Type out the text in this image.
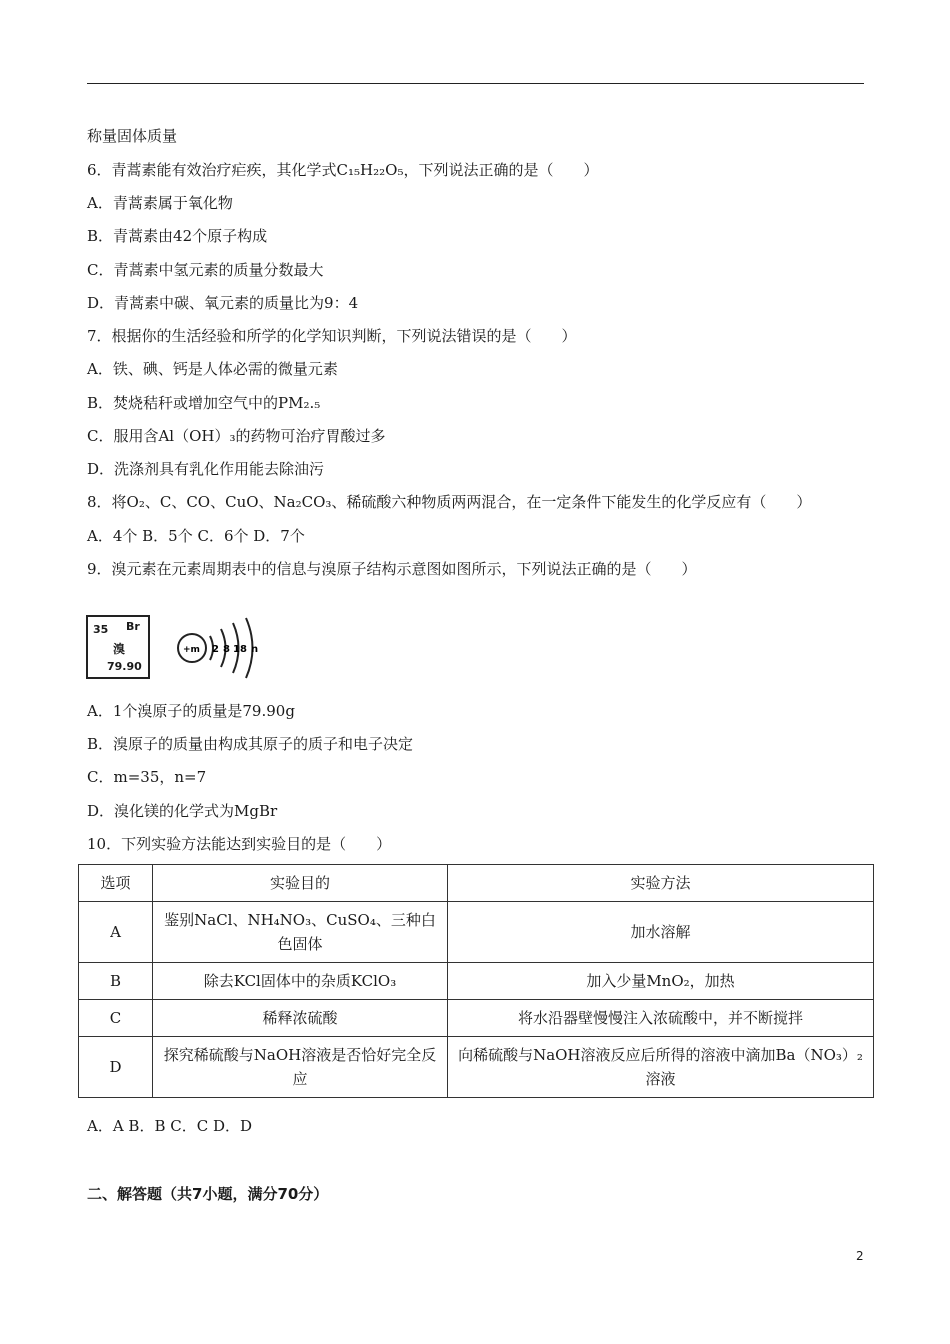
称量固体质量
6．青蒿素能有效治疗疟疾，其化学式C₁₅H₂₂O₅，下列说法正确的是（　　）
A．青蒿素属于氧化物
B．青蒿素由42个原子构成
C．青蒿素中氢元素的质量分数最大
D．青蒿素中碳、氧元素的质量比为9：4
7．根据你的生活经验和所学的化学知识判断，下列说法错误的是（　　）
A．铁、碘、钙是人体必需的微量元素
B．焚烧秸秆或增加空气中的PM₂.₅
C．服用含Al（OH）₃的药物可治疗胃酸过多
D．洗涤剂具有乳化作用能去除油污
8．将O₂、C、CO、CuO、Na₂CO₃、稀硫酸六种物质两两混合，在一定条件下能发生的化学反应有（　　）
A．4个 B．5个 C．6个 D．7个
9．溴元素在元素周期表中的信息与溴原子结构示意图如图所示，下列说法正确的是（　　）
35 Br
溴
79.90
+m 2 8 18 n
A．1个溴原子的质量是79.90g
B．溴原子的质量由构成其原子的质子和电子决定
C．m=35，n=7
D．溴化镁的化学式为MgBr
10．下列实验方法能达到实验目的是（　　）
选项	实验目的	实验方法
A	鉴别NaCl、NH₄NO₃、CuSO₄、三种白色固体	加水溶解
B	除去KCl固体中的杂质KClO₃	加入少量MnO₂，加热
C	稀释浓硫酸	将水沿器壁慢慢注入浓硫酸中，并不断搅拌
D	探究稀硫酸与NaOH溶液是否恰好完全反应	向稀硫酸与NaOH溶液反应后所得的溶液中滴加Ba（NO₃）₂溶液
A．A B．B C．C D．D
二、解答题（共7小题，满分70分）
2
